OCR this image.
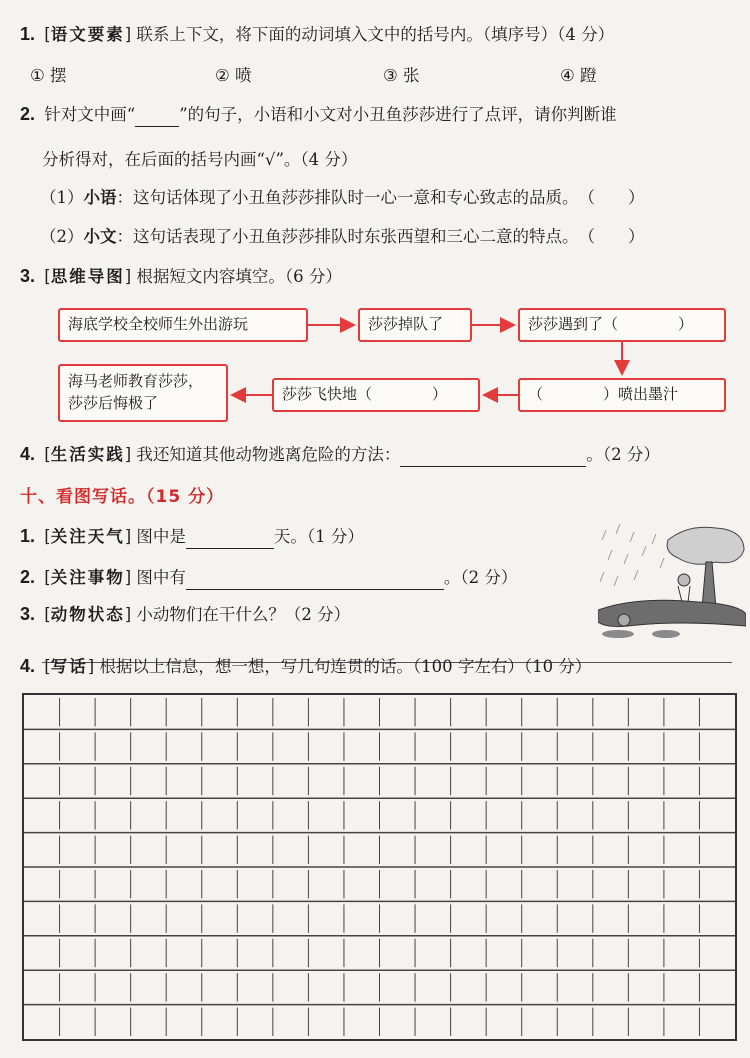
1. [语文要素] 联系上下文，将下面的动词填入文中的括号内。（填序号）（4 分）
① 摆	② 喷	③ 张	④ 蹬
2. 针对文中画“	”的句子，小语和小文对小丑鱼莎莎进行了点评，请你判断谁
分析得对，在后面的括号内画“√”。（4 分）
（1）小语：这句话体现了小丑鱼莎莎排队时一心一意和专心致志的品质。（　　）
（2）小文：这句话表现了小丑鱼莎莎排队时东张西望和三心二意的特点。（　　）
3. [思维导图] 根据短文内容填空。（6 分）
海底学校全校师生外出游玩	莎莎掉队了	莎莎遇到了（　　　　）
（　　　　）喷出墨汁
莎莎飞快地（　　　　）
海马老师教育莎莎，
莎莎后悔极了
4. [生活实践] 我还知道其他动物逃离危险的方法：	。（2 分）
十、看图写话。（15 分）
1. [关注天气] 图中是	天。（1 分）
2. [关注事物] 图中有	。（2 分）
3. [动物状态] 小动物们在干什么？（2 分）
4. [写话] 根据以上信息，想一想，写几句连贯的话。（100 字左右）（10 分）
